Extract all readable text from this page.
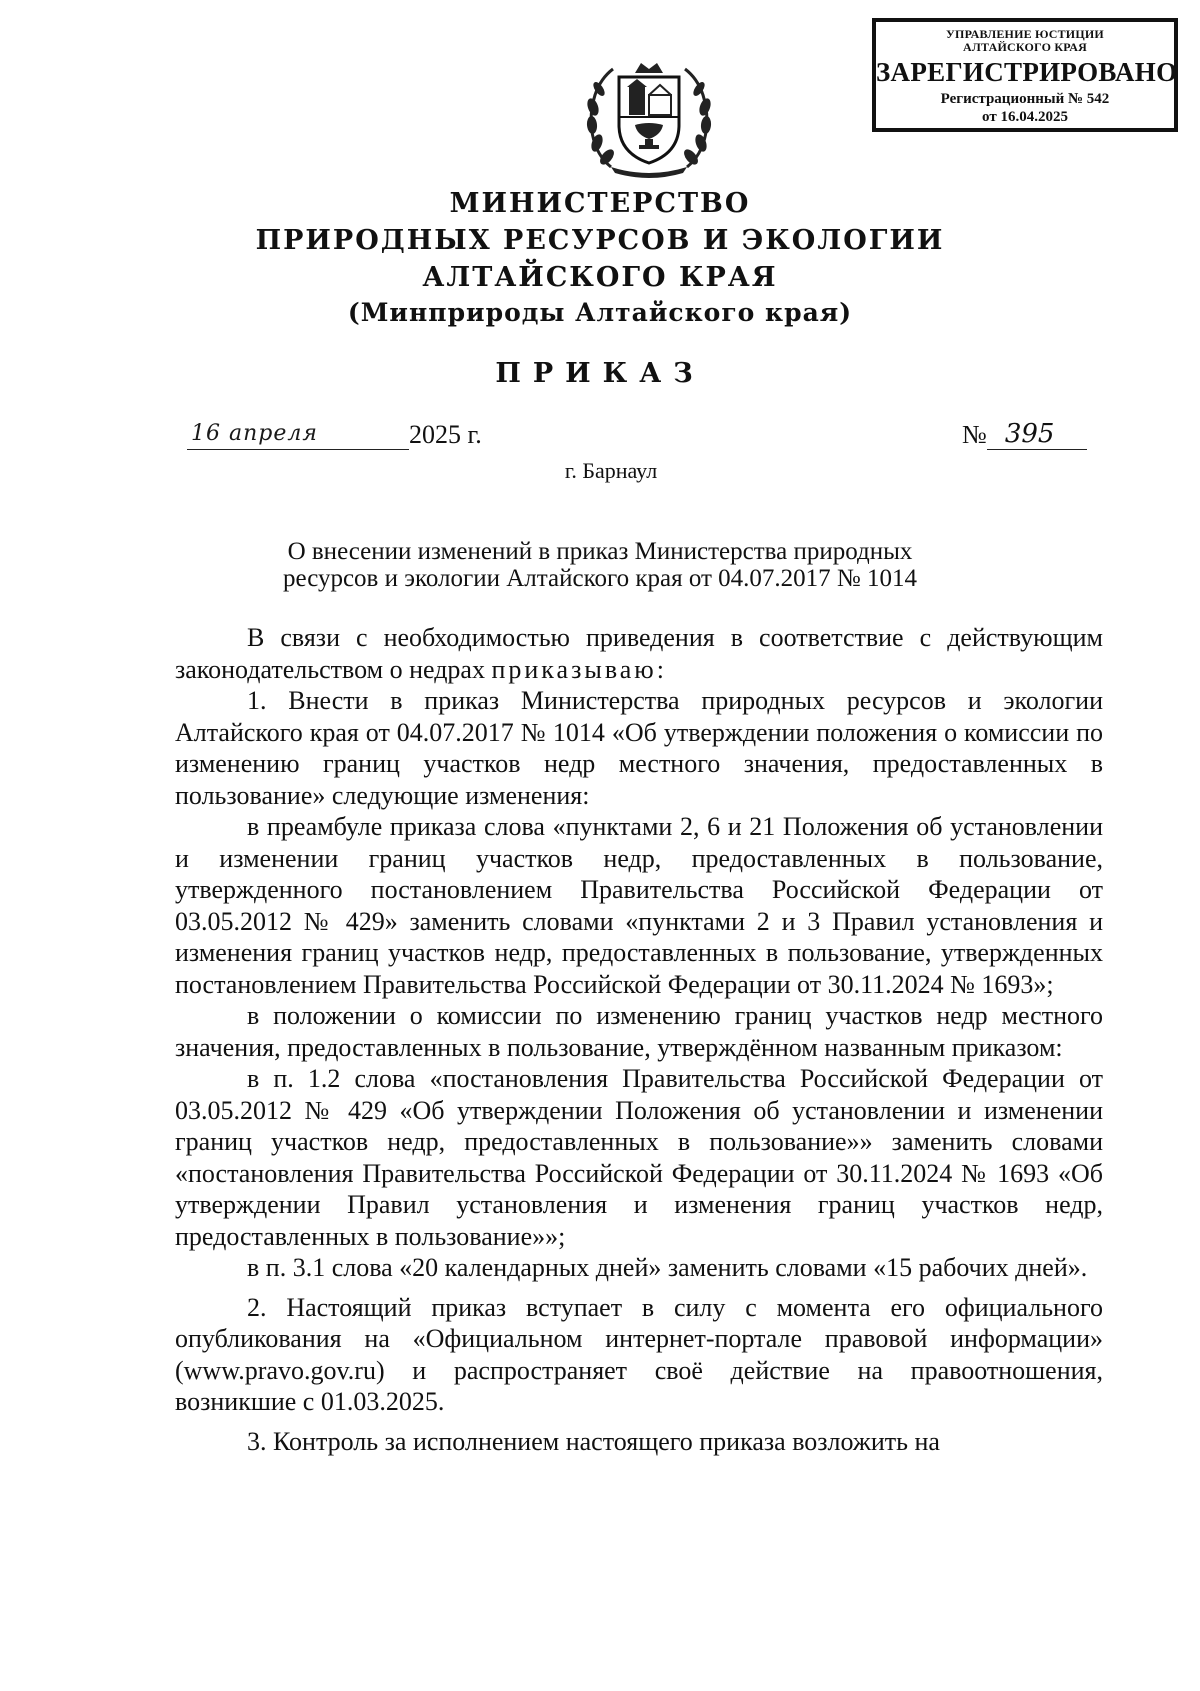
УПРАВЛЕНИЕ ЮСТИЦИИ
АЛТАЙСКОГО КРАЯ
ЗАРЕГИСТРИРОВАНО
Регистрационный № 542
от 16.04.2025
МИНИСТЕРСТВО
ПРИРОДНЫХ РЕСУРСОВ И ЭКОЛОГИИ
АЛТАЙСКОГО КРАЯ
(Минприроды Алтайского края)
ПРИКАЗ
16 апреля	2025 г.	№ 395
г. Барнаул
О внесении изменений в приказ Министерства природных
ресурсов и экологии Алтайского края от 04.07.2017 № 1014

В связи с необходимостью приведения в соответствие с действующим законодательством о недрах приказываю:

1. Внести в приказ Министерства природных ресурсов и экологии Алтайского края от 04.07.2017 № 1014 «Об утверждении положения о комиссии по изменению границ участков недр местного значения, предоставленных в пользование» следующие изменения:

в преамбуле приказа слова «пунктами 2, 6 и 21 Положения об установлении и изменении границ участков недр, предоставленных в пользование, утвержденного постановлением Правительства Российской Федерации от 03.05.2012 № 429» заменить словами «пунктами 2 и 3 Правил установления и изменения границ участков недр, предоставленных в пользование, утвержденных постановлением Правительства Российской Федерации от 30.11.2024 № 1693»;

в положении о комиссии по изменению границ участков недр местного значения, предоставленных в пользование, утверждённом названным приказом:

в п. 1.2 слова «постановления Правительства Российской Федерации от 03.05.2012 № 429 «Об утверждении Положения об установлении и изменении границ участков недр, предоставленных в пользование»» заменить словами «постановления Правительства Российской Федерации от 30.11.2024 № 1693 «Об утверждении Правил установления и изменения границ участков недр, предоставленных в пользование»»;

в п. 3.1 слова «20 календарных дней» заменить словами «15 рабочих дней».

2. Настоящий приказ вступает в силу с момента его официального опубликования на «Официальном интернет-портале правовой информации» (www.pravo.gov.ru) и распространяет своё действие на правоотношения, возникшие с 01.03.2025.

3. Контроль за исполнением настоящего приказа возложить на
